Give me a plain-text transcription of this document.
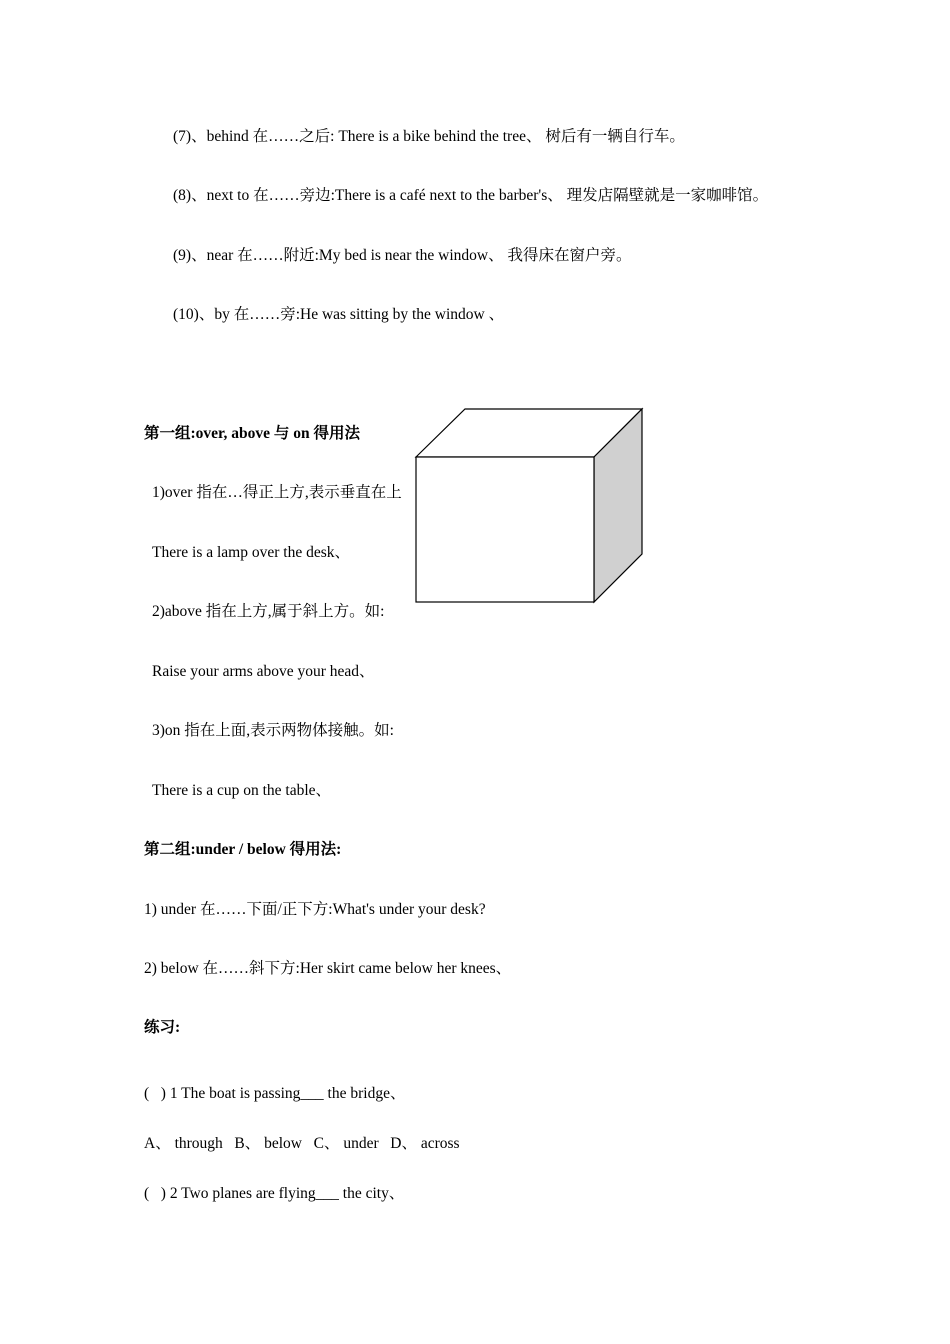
(7)、behind 在……之后: There is a bike behind the tree、 树后有一辆自行车。
(8)、next to 在……旁边:There is a café next to the barber's、 理发店隔壁就是一家咖啡馆。
(9)、near 在……附近:My bed is near the window、 我得床在窗户旁。
(10)、by 在……旁:He was sitting by the window 、
第一组:over, above 与 on 得用法
1)over 指在…得正上方,表示垂直在上
There is a lamp over the desk、
2)above 指在上方,属于斜上方。如:
Raise your arms above your head、
3)on 指在上面,表示两物体接触。如:
There is a cup on the table、
第二组:under / below 得用法:
1) under 在……下面/正下方:What's under your desk?
2) below 在……斜下方:Her skirt came below her knees、
练习:
(   ) 1 The boat is passing___ the bridge、
A、 through   B、 below   C、 under   D、 across
(   ) 2 Two planes are flying___ the city、
